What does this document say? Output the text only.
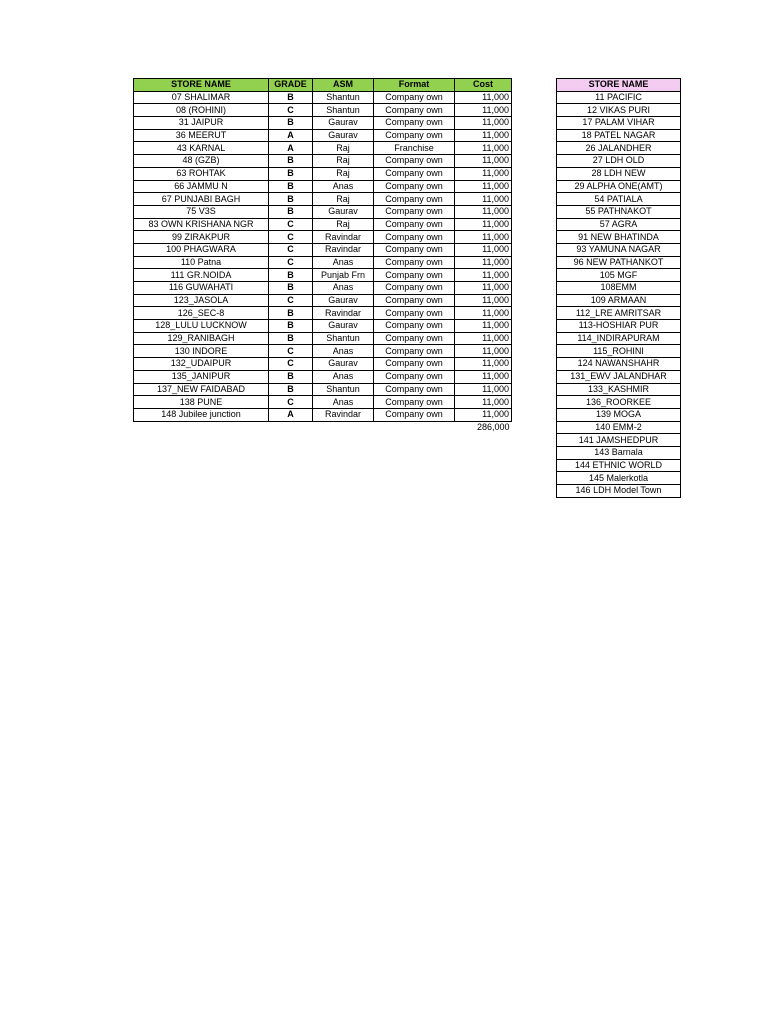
STORE NAME	GRADE	ASM	Format	Cost
07 SHALIMAR	B	Shantun	Company own	11,000
08 (ROHINI)	C	Shantun	Company own	11,000
31 JAIPUR	B	Gaurav	Company own	11,000
36 MEERUT	A	Gaurav	Company own	11,000
43 KARNAL	A	Raj	Franchise	11,000
48 (GZB)	B	Raj	Company own	11,000
63 ROHTAK	B	Raj	Company own	11,000
66 JAMMU N	B	Anas	Company own	11,000
67 PUNJABI BAGH	B	Raj	Company own	11,000
75 V3S	B	Gaurav	Company own	11,000
83 OWN KRISHANA NGR	C	Raj	Company own	11,000
99 ZIRAKPUR	C	Ravindar	Company own	11,000
100 PHAGWARA	C	Ravindar	Company own	11,000
110 Patna	C	Anas	Company own	11,000
111 GR.NOIDA	B	Punjab Frn	Company own	11,000
116 GUWAHATI	B	Anas	Company own	11,000
123_JASOLA	C	Gaurav	Company own	11,000
126_SEC-8	B	Ravindar	Company own	11,000
128_LULU LUCKNOW	B	Gaurav	Company own	11,000
129_RANIBAGH	B	Shantun	Company own	11,000
130 INDORE	C	Anas	Company own	11,000
132_UDAIPUR	C	Gaurav	Company own	11,000
135_JANIPUR	B	Anas	Company own	11,000
137_NEW FAIDABAD	B	Shantun	Company own	11,000
138 PUNE	C	Anas	Company own	11,000
148 Jubilee junction	A	Ravindar	Company own	11,000
				286,000
STORE NAME
11 PACIFIC
12 VIKAS PURI
17 PALAM VIHAR
18 PATEL NAGAR
26 JALANDHER
27 LDH OLD
28 LDH NEW
29 ALPHA ONE(AMT)
54 PATIALA
55 PATHNAKOT
57 AGRA
91 NEW BHATINDA
93 YAMUNA NAGAR
96 NEW PATHANKOT
105 MGF
108EMM
109 ARMAAN
112_LRE AMRITSAR
113-HOSHIAR PUR
114_INDIRAPURAM
115_ROHINI
124 NAWANSHAHR
131_EWV JALANDHAR
133_KASHMIR
136_ROORKEE
139 MOGA
140 EMM-2
141 JAMSHEDPUR
143 Barnala
144 ETHNIC WORLD
145 Malerkotla
146 LDH Model Town
